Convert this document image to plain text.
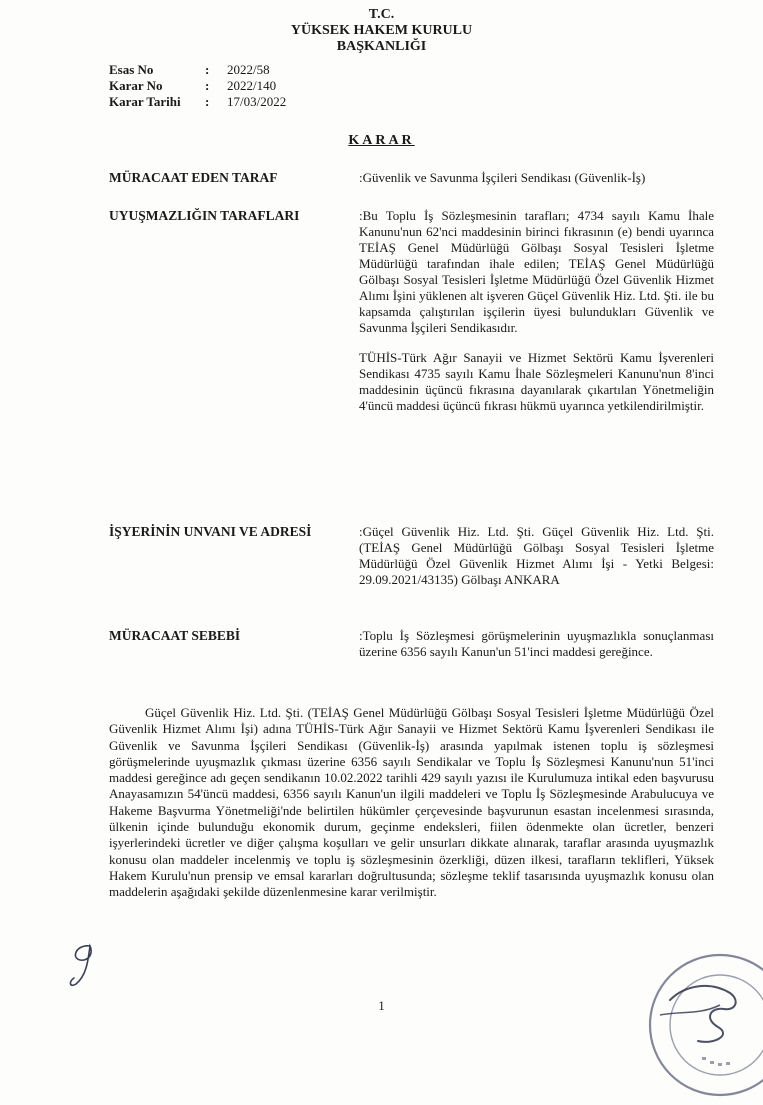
T.C.
YÜKSEK HAKEM KURULU
BAŞKANLIĞI
Esas No	:	2022/58
Karar No	:	2022/140
Karar Tarihi	:	17/03/2022
KARAR
MÜRACAAT EDEN TARAF	:Güvenlik ve Savunma İşçileri Sendikası (Güvenlik-İş)

UYUŞMAZLIĞIN TARAFLARI	:Bu Toplu İş Sözleşmesinin tarafları; 4734 sayılı Kamu İhale Kanunu'nun 62'nci maddesinin birinci fıkrasının (e) bendi uyarınca TEİAŞ Genel Müdürlüğü Gölbaşı Sosyal Tesisleri İşletme Müdürlüğü tarafından ihale edilen; TEİAŞ Genel Müdürlüğü Gölbaşı Sosyal Tesisleri İşletme Müdürlüğü Özel Güvenlik Hizmet Alımı İşini yüklenen alt işveren Güçel Güvenlik Hiz. Ltd. Şti. ile bu kapsamda çalıştırılan işçilerin üyesi bulundukları Güvenlik ve Savunma İşçileri Sendikasıdır.

TÜHİS-Türk Ağır Sanayii ve Hizmet Sektörü Kamu İşverenleri Sendikası 4735 sayılı Kamu İhale Sözleşmeleri Kanunu'nun 8'inci maddesinin üçüncü fıkrasına dayanılarak çıkartılan Yönetmeliğin 4'üncü maddesi üçüncü fıkrası hükmü uyarınca yetkilendirilmiştir.

İŞYERİNİN UNVANI VE ADRESİ	:Güçel Güvenlik Hiz. Ltd. Şti. Güçel Güvenlik Hiz. Ltd. Şti. (TEİAŞ Genel Müdürlüğü Gölbaşı Sosyal Tesisleri İşletme Müdürlüğü Özel Güvenlik Hizmet Alımı İşi - Yetki Belgesi: 29.09.2021/43135) Gölbaşı ANKARA

MÜRACAAT SEBEBİ	:Toplu İş Sözleşmesi görüşmelerinin uyuşmazlıkla sonuçlanması üzerine 6356 sayılı Kanun'un 51'inci maddesi gereğince.

Güçel Güvenlik Hiz. Ltd. Şti. (TEİAŞ Genel Müdürlüğü Gölbaşı Sosyal Tesisleri İşletme Müdürlüğü Özel Güvenlik Hizmet Alımı İşi) adına TÜHİS-Türk Ağır Sanayii ve Hizmet Sektörü Kamu İşverenleri Sendikası ile Güvenlik ve Savunma İşçileri Sendikası (Güvenlik-İş) arasında yapılmak istenen toplu iş sözleşmesi görüşmelerinde uyuşmazlık çıkması üzerine 6356 sayılı Sendikalar ve Toplu İş Sözleşmesi Kanunu'nun 51'inci maddesi gereğince adı geçen sendikanın 10.02.2022 tarihli 429 sayılı yazısı ile Kurulumuza intikal eden başvurusu Anayasamızın 54'üncü maddesi, 6356 sayılı Kanun'un ilgili maddeleri ve Toplu İş Sözleşmesinde Arabulucuya ve Hakeme Başvurma Yönetmeliği'nde belirtilen hükümler çerçevesinde başvurunun esastan incelenmesi sırasında, ülkenin içinde bulunduğu ekonomik durum, geçinme endeksleri, fiilen ödenmekte olan ücretler, benzeri işyerlerindeki ücretler ve diğer çalışma koşulları ve gelir unsurları dikkate alınarak, taraflar arasında uyuşmazlık konusu olan maddeler incelenmiş ve toplu iş sözleşmesinin özerkliği, düzen ilkesi, tarafların teklifleri, Yüksek Hakem Kurulu'nun prensip ve emsal kararları doğrultusunda; sözleşme teklif tasarısında uyuşmazlık konusu olan maddelerin aşağıdaki şekilde düzenlenmesine karar verilmiştir.

1
